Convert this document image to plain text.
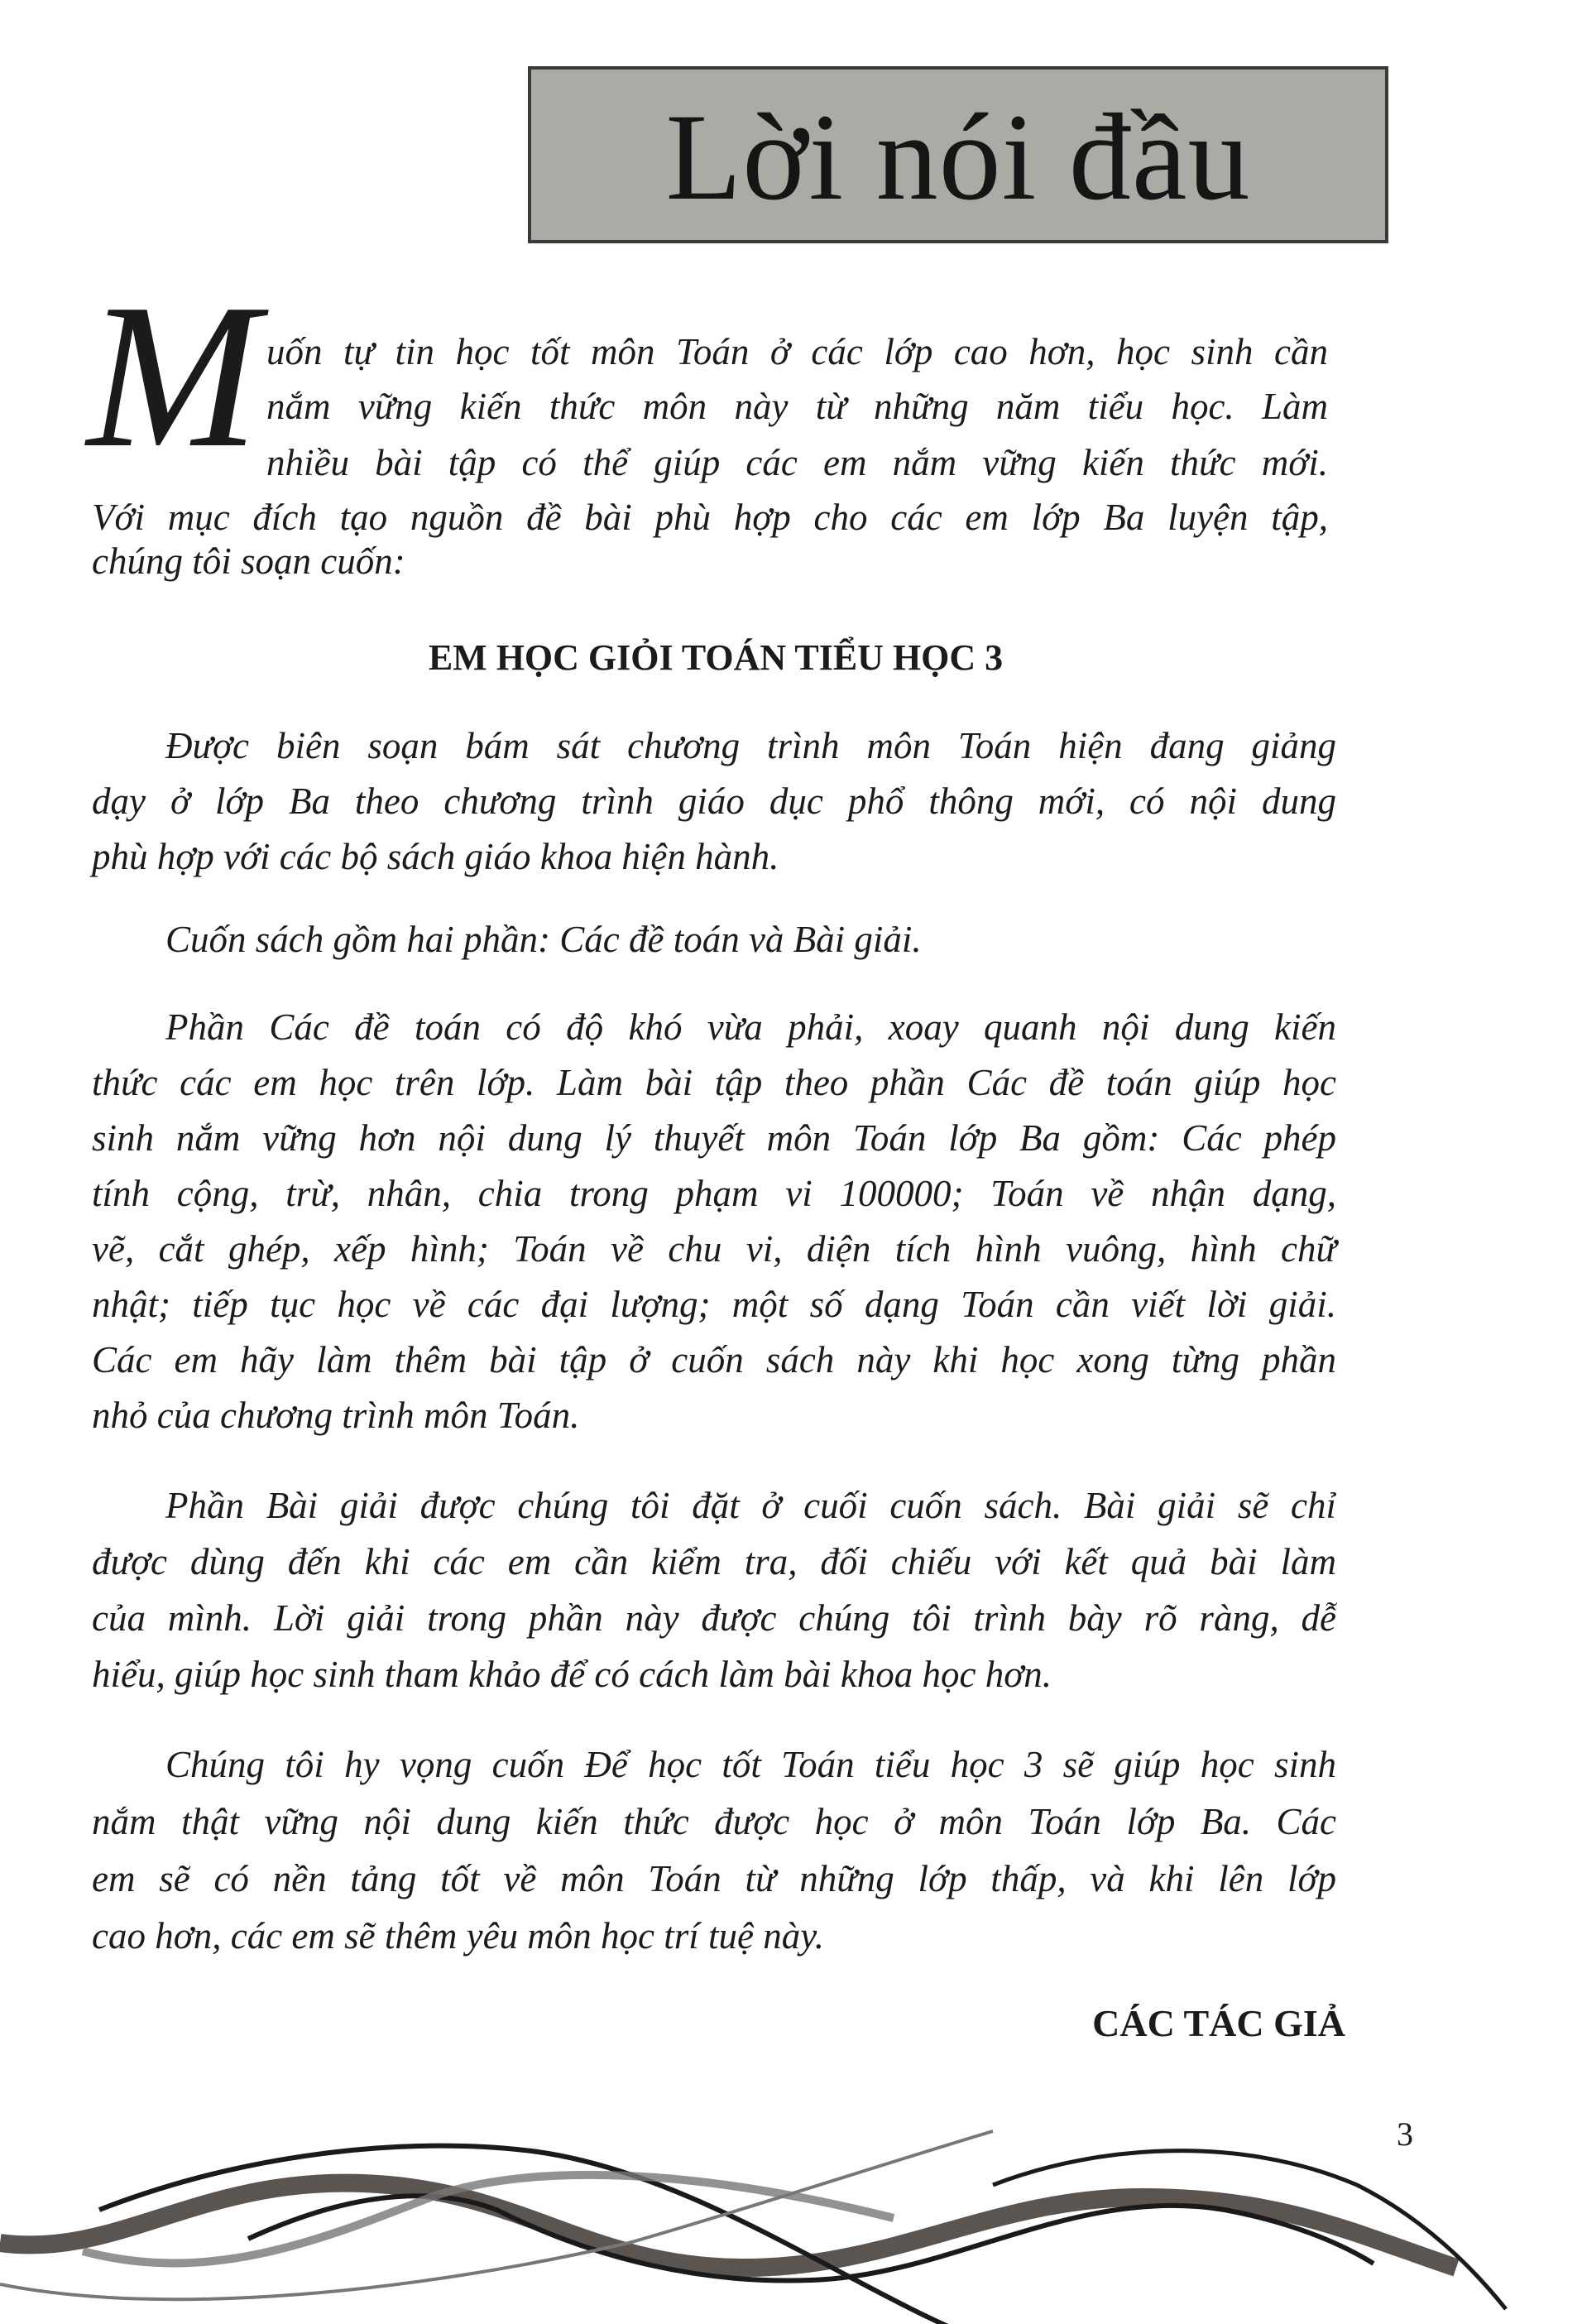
Lời nói đầu
M uốn tự tin học tốt môn Toán ở các lớp cao hơn, học sinh cần
nắm vững kiến thức môn này từ những năm tiểu học. Làm
nhiều bài tập có thể giúp các em nắm vững kiến thức mới.
Với mục đích tạo nguồn đề bài phù hợp cho các em lớp Ba luyện tập,
chúng tôi soạn cuốn:
EM HỌC GIỎI TOÁN TIỂU HỌC 3
Được biên soạn bám sát chương trình môn Toán hiện đang giảng
dạy ở lớp Ba theo chương trình giáo dục phổ thông mới, có nội dung
phù hợp với các bộ sách giáo khoa hiện hành.
Cuốn sách gồm hai phần: Các đề toán và Bài giải.
Phần Các đề toán có độ khó vừa phải, xoay quanh nội dung kiến
thức các em học trên lớp. Làm bài tập theo phần Các đề toán giúp học
sinh nắm vững hơn nội dung lý thuyết môn Toán lớp Ba gồm: Các phép
tính cộng, trừ, nhân, chia trong phạm vi 100000; Toán về nhận dạng,
vẽ, cắt ghép, xếp hình; Toán về chu vi, diện tích hình vuông, hình chữ
nhật; tiếp tục học về các đại lượng; một số dạng Toán cần viết lời giải.
Các em hãy làm thêm bài tập ở cuốn sách này khi học xong từng phần
nhỏ của chương trình môn Toán.
Phần Bài giải được chúng tôi đặt ở cuối cuốn sách. Bài giải sẽ chỉ
được dùng đến khi các em cần kiểm tra, đối chiếu với kết quả bài làm
của mình. Lời giải trong phần này được chúng tôi trình bày rõ ràng, dễ
hiểu, giúp học sinh tham khảo để có cách làm bài khoa học hơn.
Chúng tôi hy vọng cuốn Để học tốt Toán tiểu học 3 sẽ giúp học sinh
nắm thật vững nội dung kiến thức được học ở môn Toán lớp Ba. Các
em sẽ có nền tảng tốt về môn Toán từ những lớp thấp, và khi lên lớp
cao hơn, các em sẽ thêm yêu môn học trí tuệ này.
CÁC TÁC GIẢ
3
